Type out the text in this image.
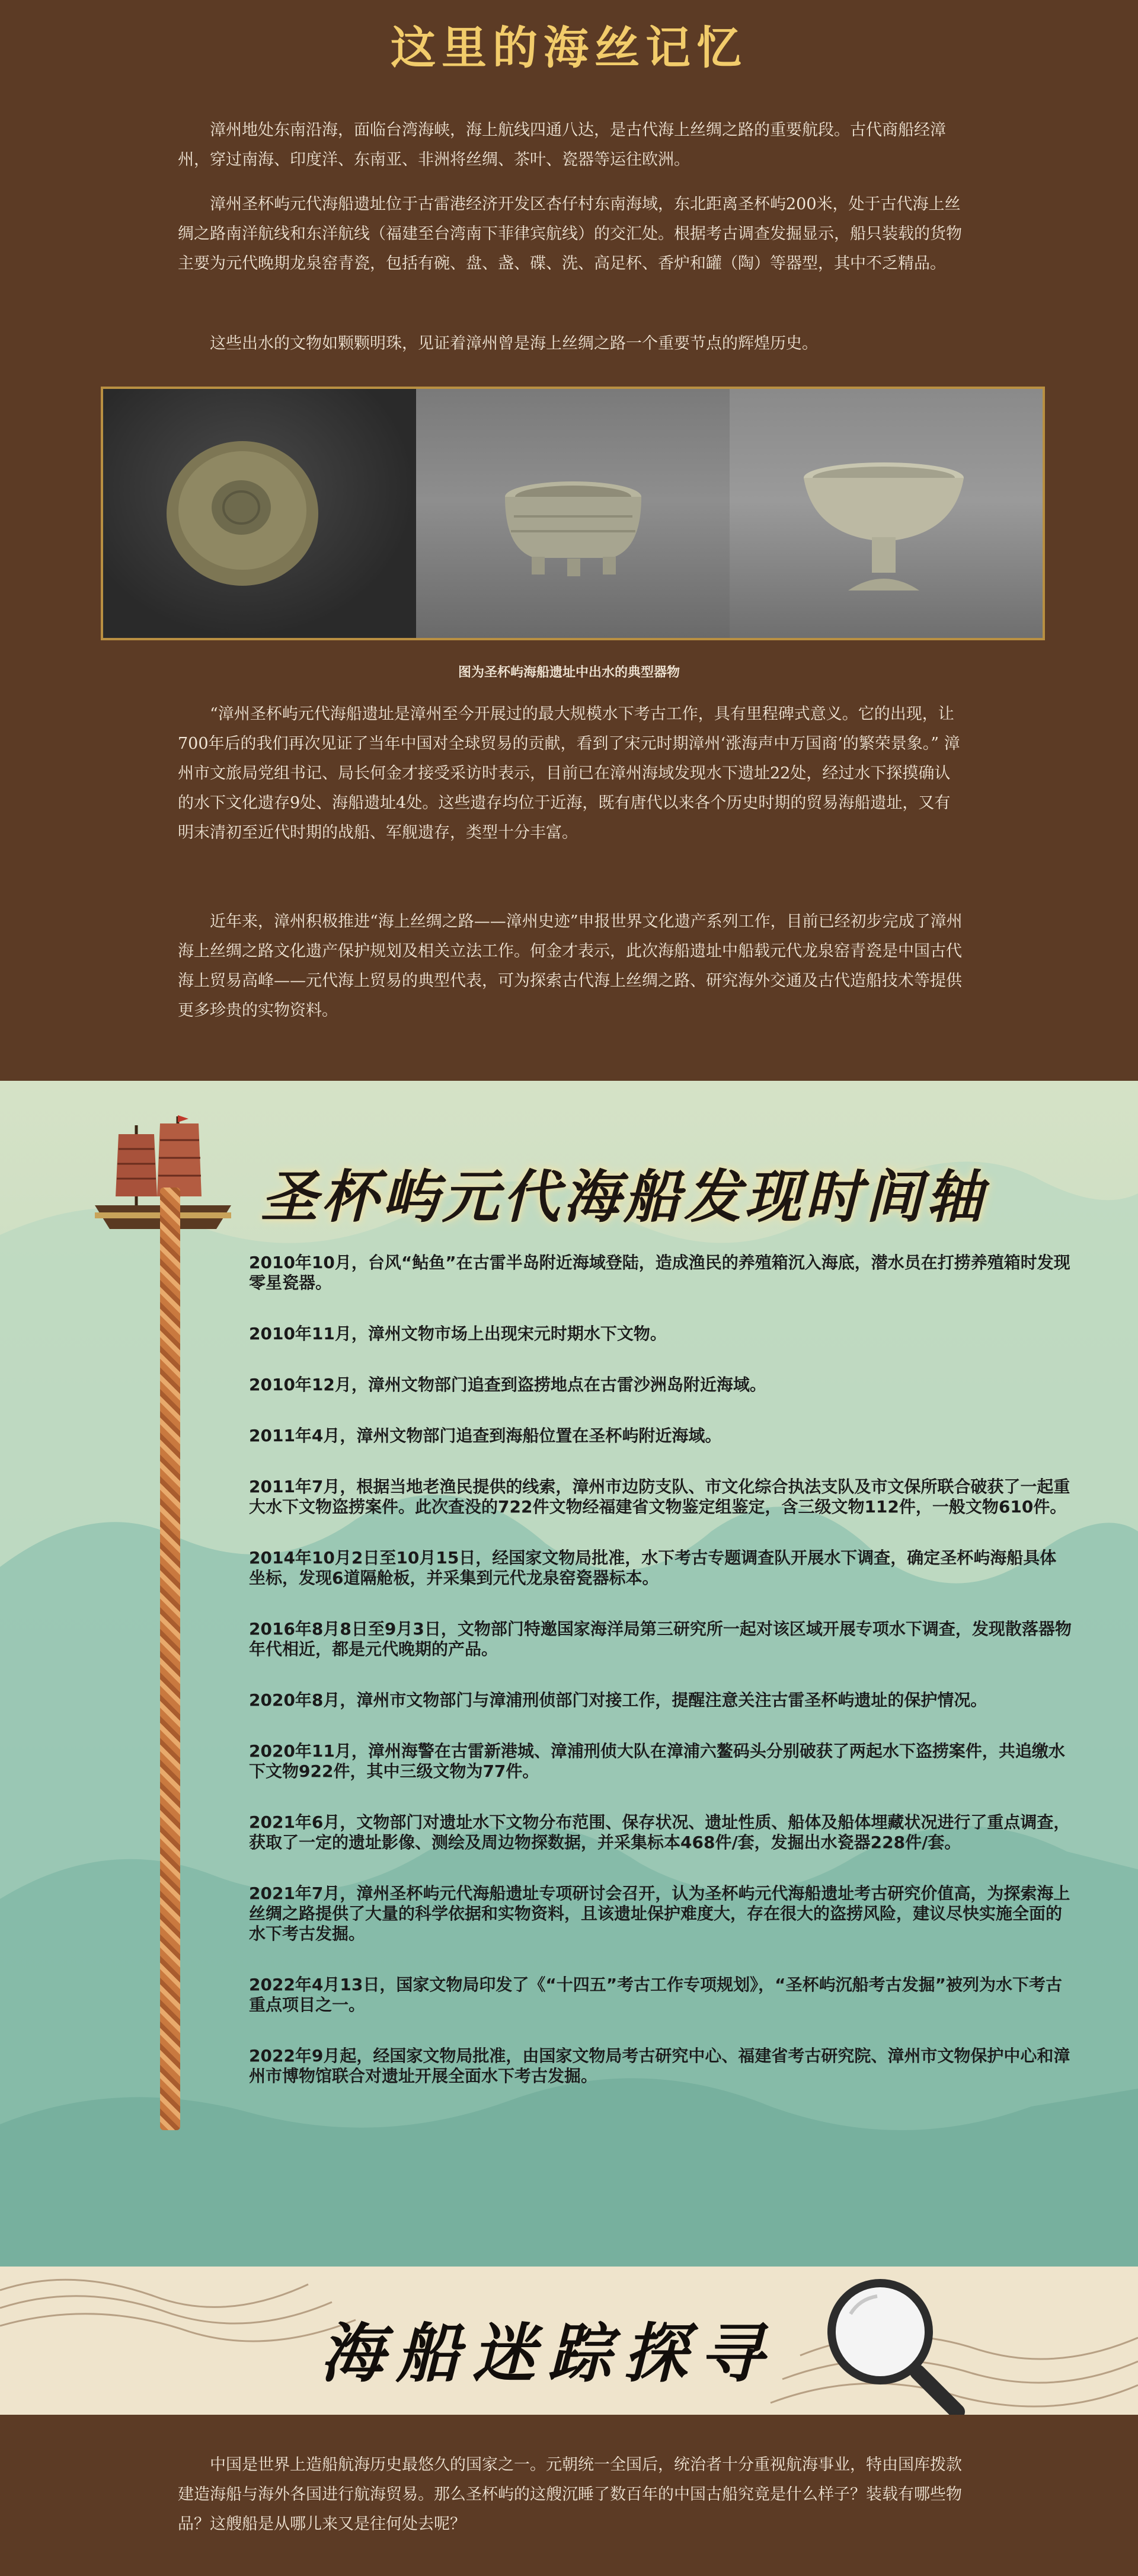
这里的海丝记忆

漳州地处东南沿海，面临台湾海峡，海上航线四通八达，是古代海上丝绸之路的重要航段。古代商船经漳州，穿过南海、印度洋、东南亚、非洲将丝绸、茶叶、瓷器等运往欧洲。

漳州圣杯屿元代海船遗址位于古雷港经济开发区杏仔村东南海域，东北距离圣杯屿200米，处于古代海上丝绸之路南洋航线和东洋航线（福建至台湾南下菲律宾航线）的交汇处。根据考古调查发掘显示，船只装载的货物主要为元代晚期龙泉窑青瓷，包括有碗、盘、盏、碟、洗、高足杯、香炉和罐（陶）等器型，其中不乏精品。

这些出水的文物如颗颗明珠，见证着漳州曾是海上丝绸之路一个重要节点的辉煌历史。

图为圣杯屿海船遗址中出水的典型器物

“漳州圣杯屿元代海船遗址是漳州至今开展过的最大规模水下考古工作，具有里程碑式意义。它的出现，让700年后的我们再次见证了当年中国对全球贸易的贡献，看到了宋元时期漳州‘涨海声中万国商’的繁荣景象。” 漳州市文旅局党组书记、局长何金才接受采访时表示，目前已在漳州海域发现水下遗址22处，经过水下探摸确认的水下文化遗存9处、海船遗址4处。这些遗存均位于近海，既有唐代以来各个历史时期的贸易海船遗址，又有明末清初至近代时期的战船、军舰遗存，类型十分丰富。

近年来，漳州积极推进“海上丝绸之路——漳州史迹”申报世界文化遗产系列工作，目前已经初步完成了漳州海上丝绸之路文化遗产保护规划及相关立法工作。何金才表示，此次海船遗址中船载元代龙泉窑青瓷是中国古代海上贸易高峰——元代海上贸易的典型代表，可为探索古代海上丝绸之路、研究海外交通及古代造船技术等提供更多珍贵的实物资料。

圣杯屿元代海船发现时间轴

2010年10月，台风“鲇鱼”在古雷半岛附近海域登陆，造成渔民的养殖箱沉入海底，潜水员在打捞养殖箱时发现零星瓷器。

2010年11月，漳州文物市场上出现宋元时期水下文物。

2010年12月，漳州文物部门追查到盗捞地点在古雷沙洲岛附近海域。

2011年4月，漳州文物部门追查到海船位置在圣杯屿附近海域。

2011年7月，根据当地老渔民提供的线索，漳州市边防支队、市文化综合执法支队及市文保所联合破获了一起重大水下文物盗捞案件。此次查没的722件文物经福建省文物鉴定组鉴定，含三级文物112件，一般文物610件。

2014年10月2日至10月15日，经国家文物局批准，水下考古专题调查队开展水下调查，确定圣杯屿海船具体坐标，发现6道隔舱板，并采集到元代龙泉窑瓷器标本。

2016年8月8日至9月3日，文物部门特邀国家海洋局第三研究所一起对该区域开展专项水下调查，发现散落器物年代相近，都是元代晚期的产品。

2020年8月，漳州市文物部门与漳浦刑侦部门对接工作，提醒注意关注古雷圣杯屿遗址的保护情况。

2020年11月，漳州海警在古雷新港城、漳浦刑侦大队在漳浦六鳌码头分别破获了两起水下盗捞案件，共追缴水下文物922件，其中三级文物为77件。

2021年6月，文物部门对遗址水下文物分布范围、保存状况、遗址性质、船体及船体埋藏状况进行了重点调查，获取了一定的遗址影像、测绘及周边物探数据，并采集标本468件/套，发掘出水瓷器228件/套。

2021年7月，漳州圣杯屿元代海船遗址专项研讨会召开，认为圣杯屿元代海船遗址考古研究价值高，为探索海上丝绸之路提供了大量的科学依据和实物资料，且该遗址保护难度大，存在很大的盗捞风险，建议尽快实施全面的水下考古发掘。

2022年4月13日，国家文物局印发了《“十四五”考古工作专项规划》，“圣杯屿沉船考古发掘”被列为水下考古重点项目之一。

2022年9月起，经国家文物局批准，由国家文物局考古研究中心、福建省考古研究院、漳州市文物保护中心和漳州市博物馆联合对遗址开展全面水下考古发掘。

海船迷踪探寻

中国是世界上造船航海历史最悠久的国家之一。元朝统一全国后，统治者十分重视航海事业，特由国库拨款建造海船与海外各国进行航海贸易。那么圣杯屿的这艘沉睡了数百年的中国古船究竟是什么样子？装载有哪些物品？这艘船是从哪儿来又是往何处去呢？
